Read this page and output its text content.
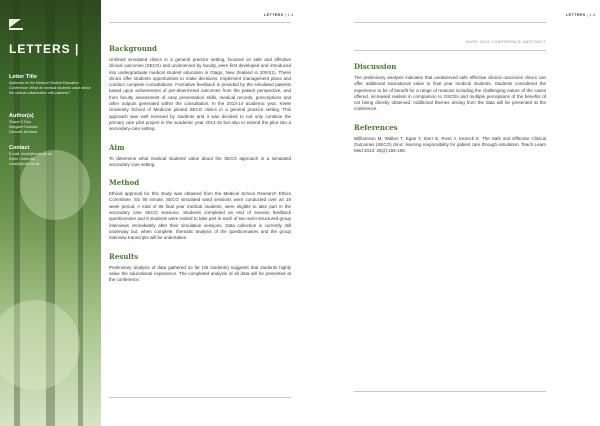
LETTERS |
Letter Title
Abstracts for the Medical Student Education Conference: What do medical students value about the clinical collaboration with patients?
Author(s)
Shane O Dea
Margaret Dunstan
Deborah Nickless
Contact
E-mail: email@keele.ac.uk
Keele University
email@keele.ac.uk
LETTERS | 1-4
Background
Unlimed simulated clinics in a general practice setting, focused on safe and effective clinical outcomes (SECO) and unobserved by faculty, were first developed and introduced into undergraduate medical student education in Otago, New Zealand in 2004(1). These clinics offer students opportunities to make decisions, implement management plans and conduct complete consultations. Formative feedback is provided by the simulated patients based upon achievement of pre-determined outcomes from the patient perspective, and from faculty assessment of case presentation skills, medical records, prescriptions and other outputs generated within the consultation. In the 2013-14 academic year, Keele University School of Medicine piloted SECO clinics in a general practice setting. This approach was well received by students and it was decided to not only continue the primary care pilot project in the academic year 2014-15 but also to extend the pilot into a secondary-care setting.
Aim
To determine what medical students value about the SECO approach in a simulated secondary care setting.
Method
Ethical approval for this study was obtained from the Medical School Research Ethics Committee. Six 90 minute, SECO simulated ward sessions were conducted over an 18 week period. A total of 95 final year medical students, were eligible to take part in the secondary care SECO sessions. Students completed an end of session feedback questionnaire and 8 students were invited to take part in each of two semi-structured group interviews immediately after their simulation sessions. Data collection is currently still underway but, when complete, thematic analysis of the questionnaires and the group interview transcripts will be undertaken.
Results
Preliminary analysis of data gathered so far (45 students) suggests that students highly value the educational experience. The completed analysis of all data will be presented at the conference.
LETTERS | 1-4
MARE 2015 CONFERENCE ABSTRACT
Discussion
The preliminary analysis indicates that unobserved safe effective clinical outcomes clinics can offer additional educational value to final year medical students. Students considered the experience to be of benefit for a range of reasons including the challenging nature of the cases offered, increased realism in comparison to OSCEs and multiple perceptions of the benefits of not being directly observed. Additional themes arising from the data will be presented at the conference.
References
Williamson M, Walker T, Egan T, Storr E, Ross J, Kenrick K. The Safe and Effective Clinical Outcomes (SECO) clinic: learning responsibility for patient care through simulation. Teach Learn Med 2013; 25(2):155-168.
